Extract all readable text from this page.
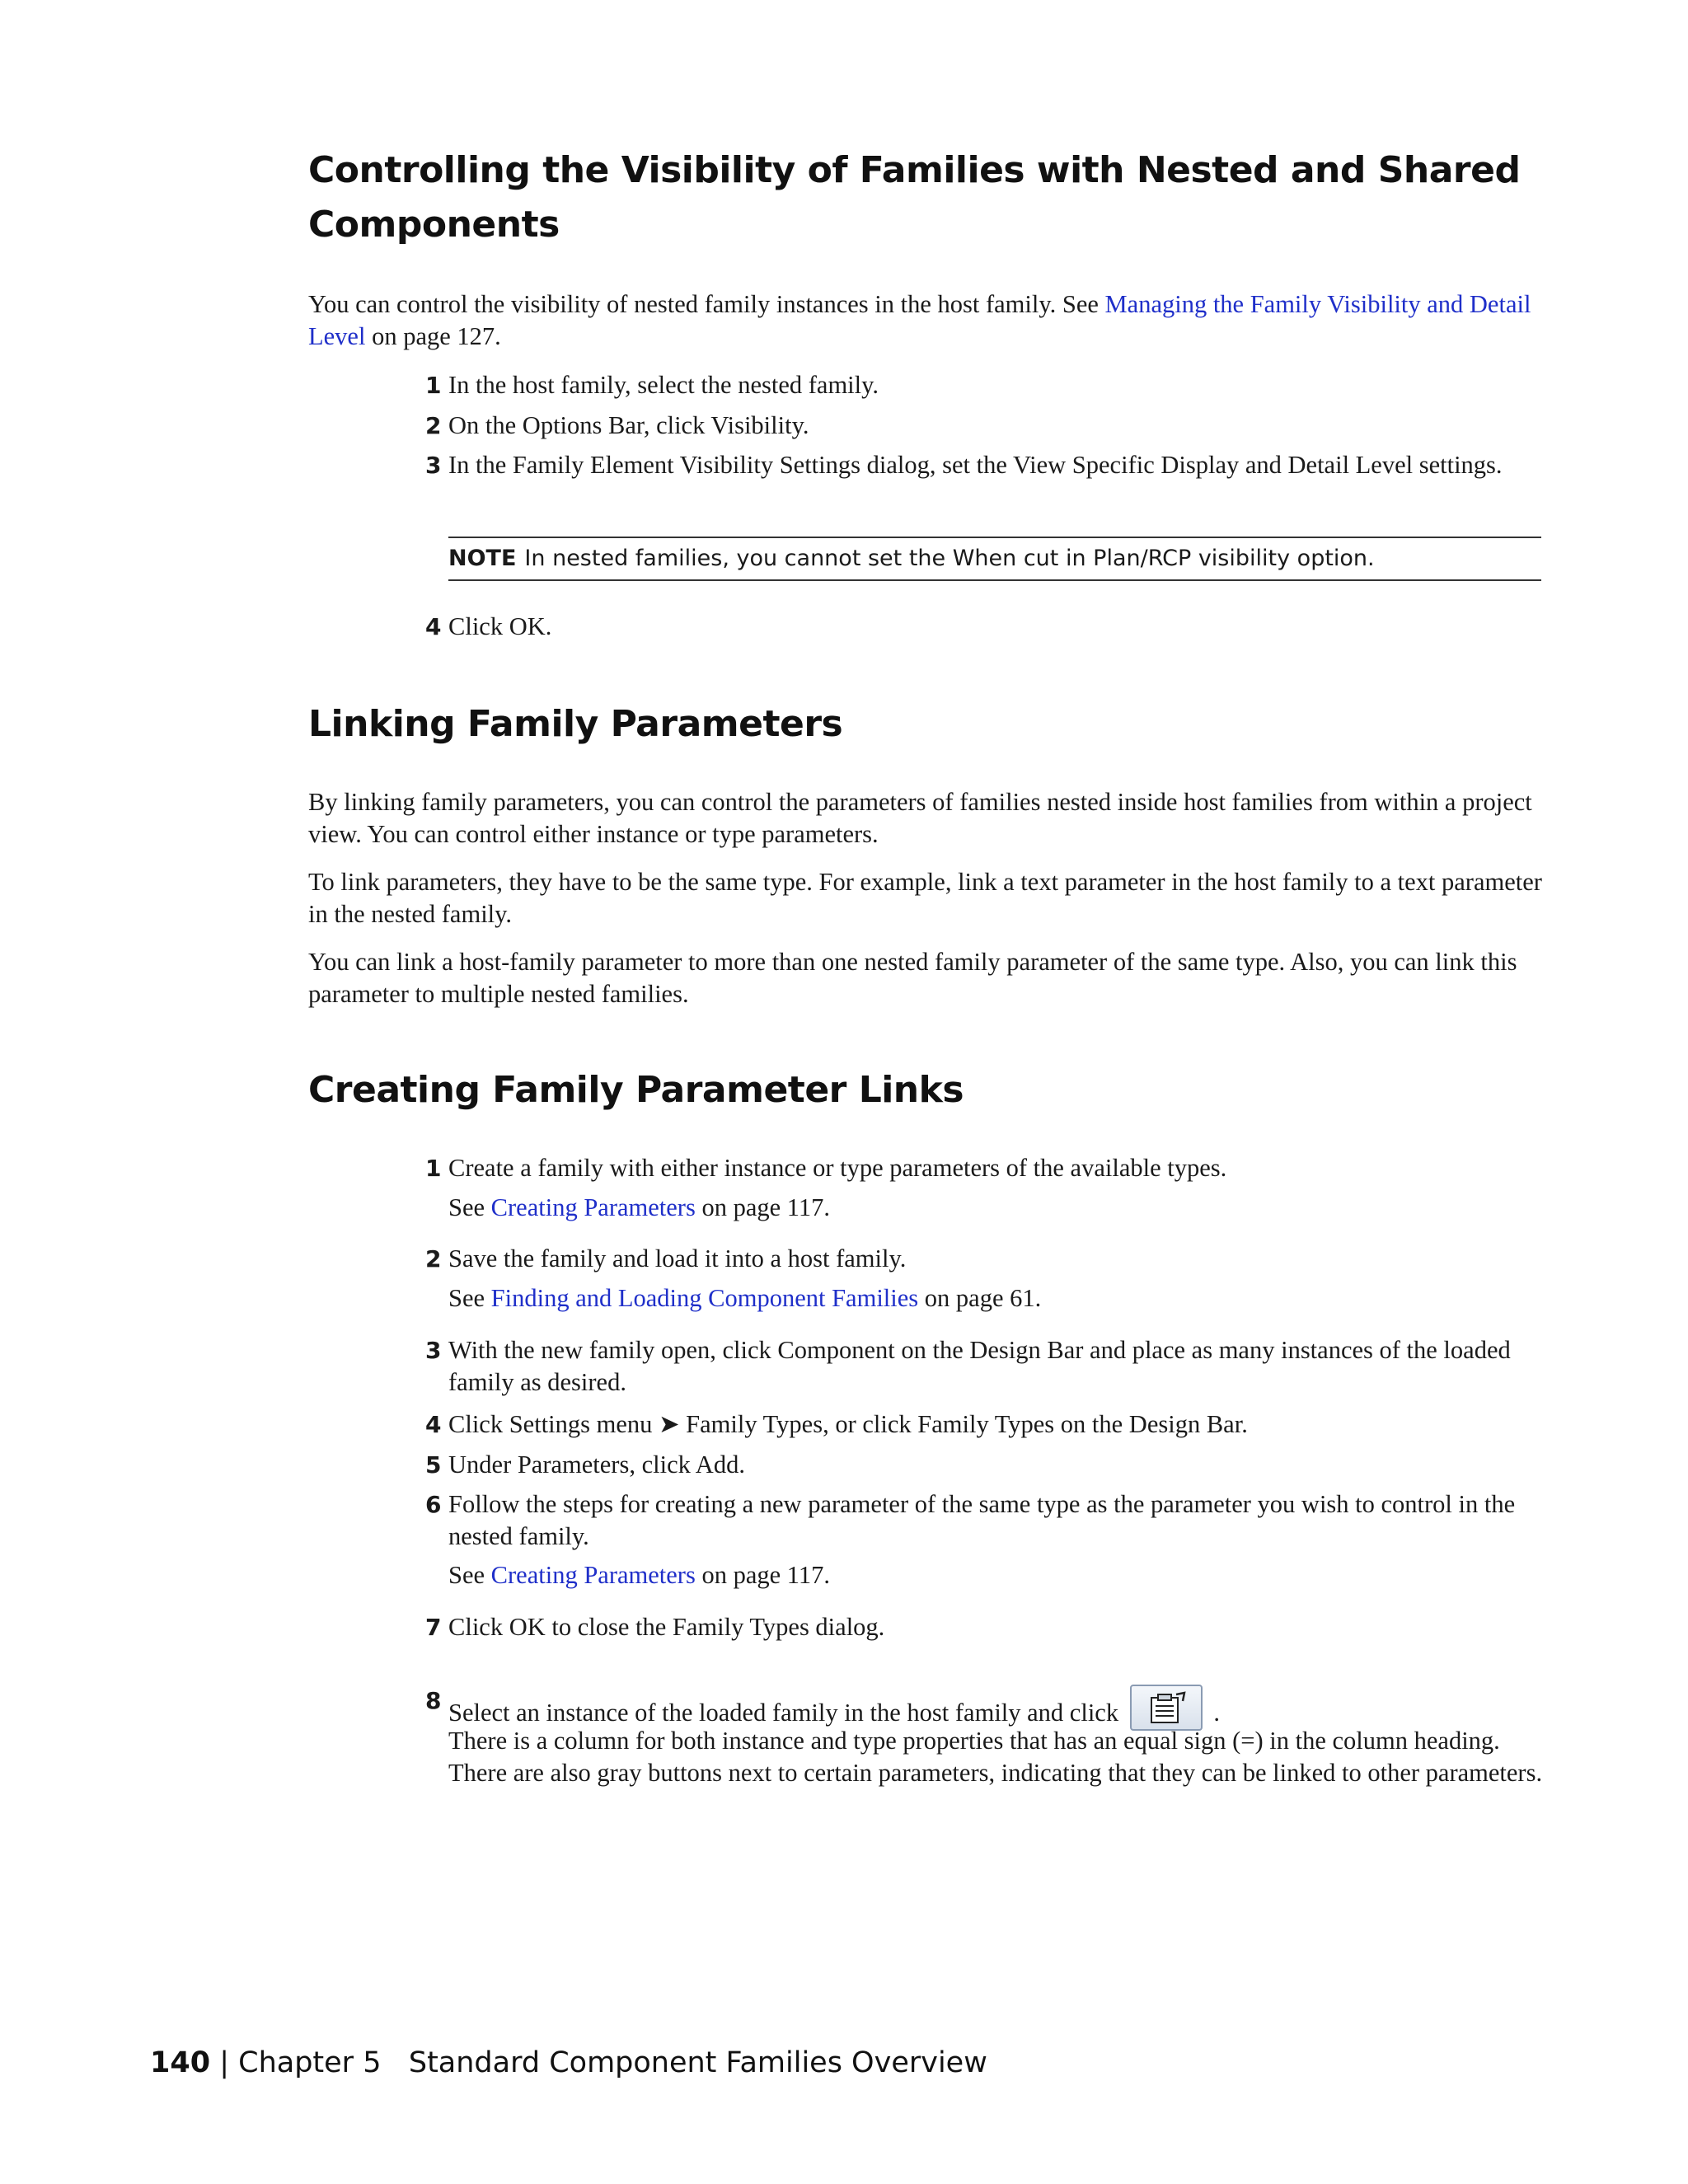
Controlling the Visibility of Families with Nested and Shared
Components

You can control the visibility of nested family instances in the host family. See Managing the Family Visibility and Detail Level on page 127.

1 In the host family, select the nested family.

2 On the Options Bar, click Visibility.

3 In the Family Element Visibility Settings dialog, set the View Specific Display and Detail Level settings.

NOTE In nested families, you cannot set the When cut in Plan/RCP visibility option.

4 Click OK.

Linking Family Parameters

By linking family parameters, you can control the parameters of families nested inside host families from within a project view. You can control either instance or type parameters.

To link parameters, they have to be the same type. For example, link a text parameter in the host family to a text parameter in the nested family.

You can link a host-family parameter to more than one nested family parameter of the same type. Also, you can link this parameter to multiple nested families.

Creating Family Parameter Links

1 Create a family with either instance or type parameters of the available types.

See Creating Parameters on page 117.

2 Save the family and load it into a host family.

See Finding and Loading Component Families on page 61.

3 With the new family open, click Component on the Design Bar and place as many instances of the loaded family as desired.

4 Click Settings menu ➤ Family Types, or click Family Types on the Design Bar.

5 Under Parameters, click Add.

6 Follow the steps for creating a new parameter of the same type as the parameter you wish to control in the nested family.

See Creating Parameters on page 117.

7 Click OK to close the Family Types dialog.

8 Select an instance of the loaded family in the host family and click	.

There is a column for both instance and type properties that has an equal sign (=) in the column heading. There are also gray buttons next to certain parameters, indicating that they can be linked to other parameters.

140 | Chapter 5 Standard Component Families Overview
